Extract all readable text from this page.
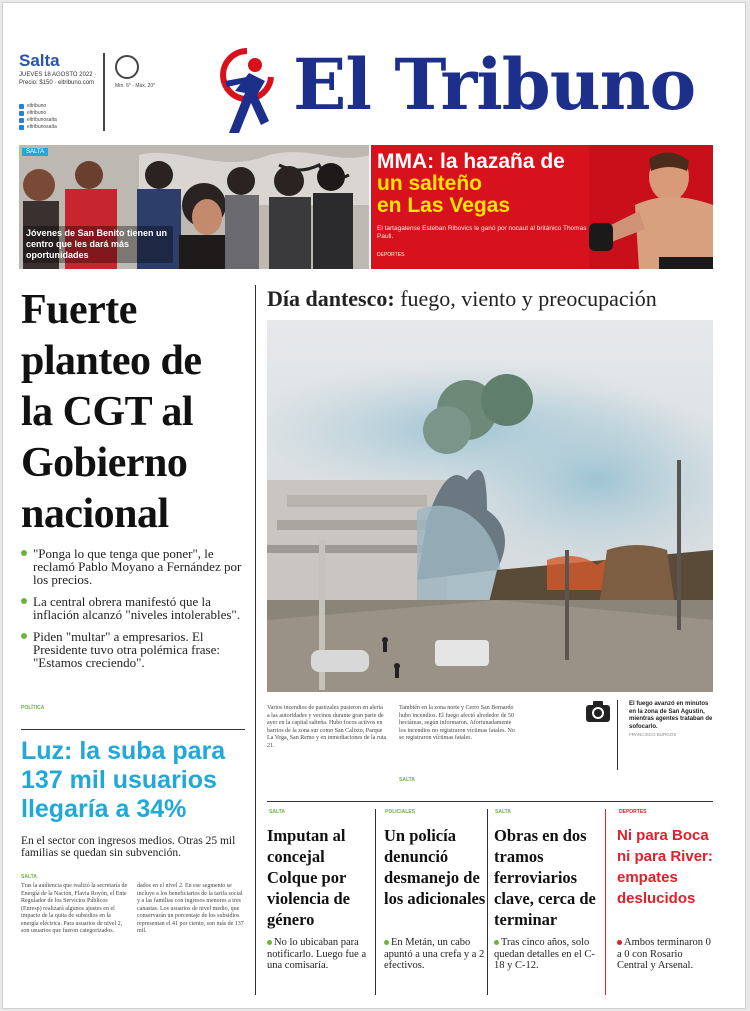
Salta
JUEVES 18 AGOSTO 2022 · Precio: $150 · eltribuno.com
eltribuno
eltribuno
eltribunosalta
eltribunosalta
Mín. 6° · Máx. 20° El Tribuno
SALTA
Jóvenes de San Benito tienen un centro que les dará más oportunidades
MMA: la hazaña de
un salteño
en Las Vegas
El tartagalense Esteban Ribovics le ganó por nocaut al británico Thomas Paull.
DEPORTES
Fuerte planteo de la CGT al Gobierno nacional
"Ponga lo que tenga que poner", le reclamó Pablo Moyano a Fernández por los precios.
La central obrera manifestó que la inflación alcanzó "niveles intolerables".
Piden "multar" a empresarios. El Presidente tuvo otra polémica frase: "Estamos creciendo".
POLÍTICA
Luz: la suba para 137 mil usuarios llegaría a 34%
En el sector con ingresos medios. Otras 25 mil familias se quedan sin subvención.
SALTA
Tras la audiencia que realizó la secretaría de Energía de la Nación, Flavia Royón, el Ente Regulador de los Servicios Públicos (Enresp) realizará algunos ajustes en el impacto de la quita de subsidios en la energía eléctrica. Para usuarios de nivel 2, son usuarios que fueron categorizados.
dados en el nivel 2. En ese segmento se incluye a los beneficiarios de la tarifa social y a las familias con ingresos menores a tres canastas. Los usuarios de nivel medio, que conservarán un porcentaje de los subsidios representan el 41 por ciento, son más de 137 mil.
Día dantesco: fuego, viento y preocupación
Varios incendios de pastizales pusieron en alerta a las autoridades y vecinos durante gran parte de ayer en la capital salteña. Hubo focos activos en barrios de la zona sur como San Calixto, Parque La Vega, San Remo y en inmediaciones de la ruta 21.
También en la zona norte y Cerro San Bernardo hubo incendios. El fuego afectó alrededor de 50 hectáreas, según informaron. Afortunadamente los incendios no registraron víctimas fatales. No se registraron víctimas fatales.
SALTA
El fuego avanzó en minutos en la zona de San Agustín, mientras agentes trataban de sofocarlo.
FRANCISCO BURGOS
SALTA
Imputan al concejal Colque por violencia de género
No lo ubicaban para notificarlo. Luego fue a una comisaría.
POLICIALES
Un policía denunció desmanejo de los adicionales
En Metán, un cabo apuntó a una crefa y a 2 efectivos.
SALTA
Obras en dos tramos ferroviarios clave, cerca de terminar
Tras cinco años, solo quedan detalles en el C-18 y C-12.
DEPORTES
Ni para Boca ni para River: empates deslucidos
Ambos terminaron 0 a 0 con Rosario Central y Arsenal.
